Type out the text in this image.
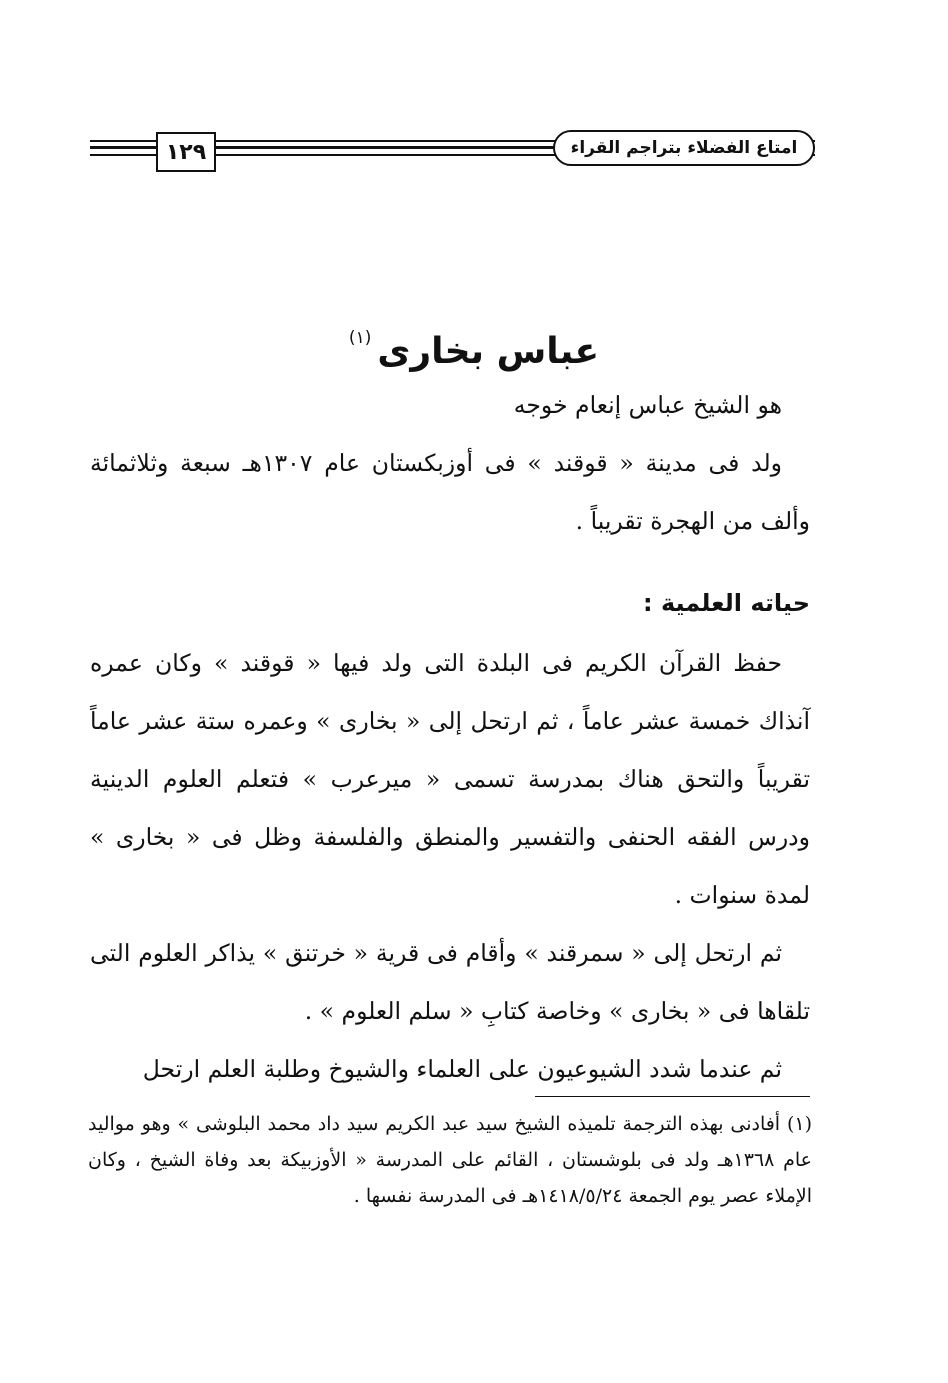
امتاع الفضلاء بتراجم القراء
١٢٩
عباس بخارى$^{(١)}$

هو الشيخ عباس إنعام خوجه

ولد فى مدينة « قوقند » فى أوزبكستان عام ١٣٠٧هـ سبعة وثلاثمائة وألف من الهجرة تقريباً .

حياته العلمية :

حفظ القرآن الكريم فى البلدة التى ولد فيها « قوقند » وكان عمره آنذاك خمسة عشر عاماً ، ثم ارتحل إلى « بخارى » وعمره ستة عشر عاماً تقريباً والتحق هناك بمدرسة تسمى « ميرعرب » فتعلم العلوم الدينية ودرس الفقه الحنفى والتفسير والمنطق والفلسفة وظل فى « بخارى » لمدة سنوات .

ثم ارتحل إلى « سمرقند » وأقام فى قرية « خرتنق » يذاكر العلوم التى تلقاها فى « بخارى » وخاصة كتابِ « سلم العلوم » .

ثم عندما شدد الشيوعيون على العلماء والشيوخ وطلبة العلم ارتحل

(١) أفادنى بهذه الترجمة تلميذه الشيخ سيد عبد الكريم سيد داد محمد البلوشى » وهو مواليد عام ١٣٦٨هـ ولد فى بلوشستان ، القائم على المدرسة « الأوزبيكة بعد وفاة الشيخ ، وكان الإملاء عصر يوم الجمعة ١٤١٨/٥/٢٤هـ فى المدرسة نفسها .
